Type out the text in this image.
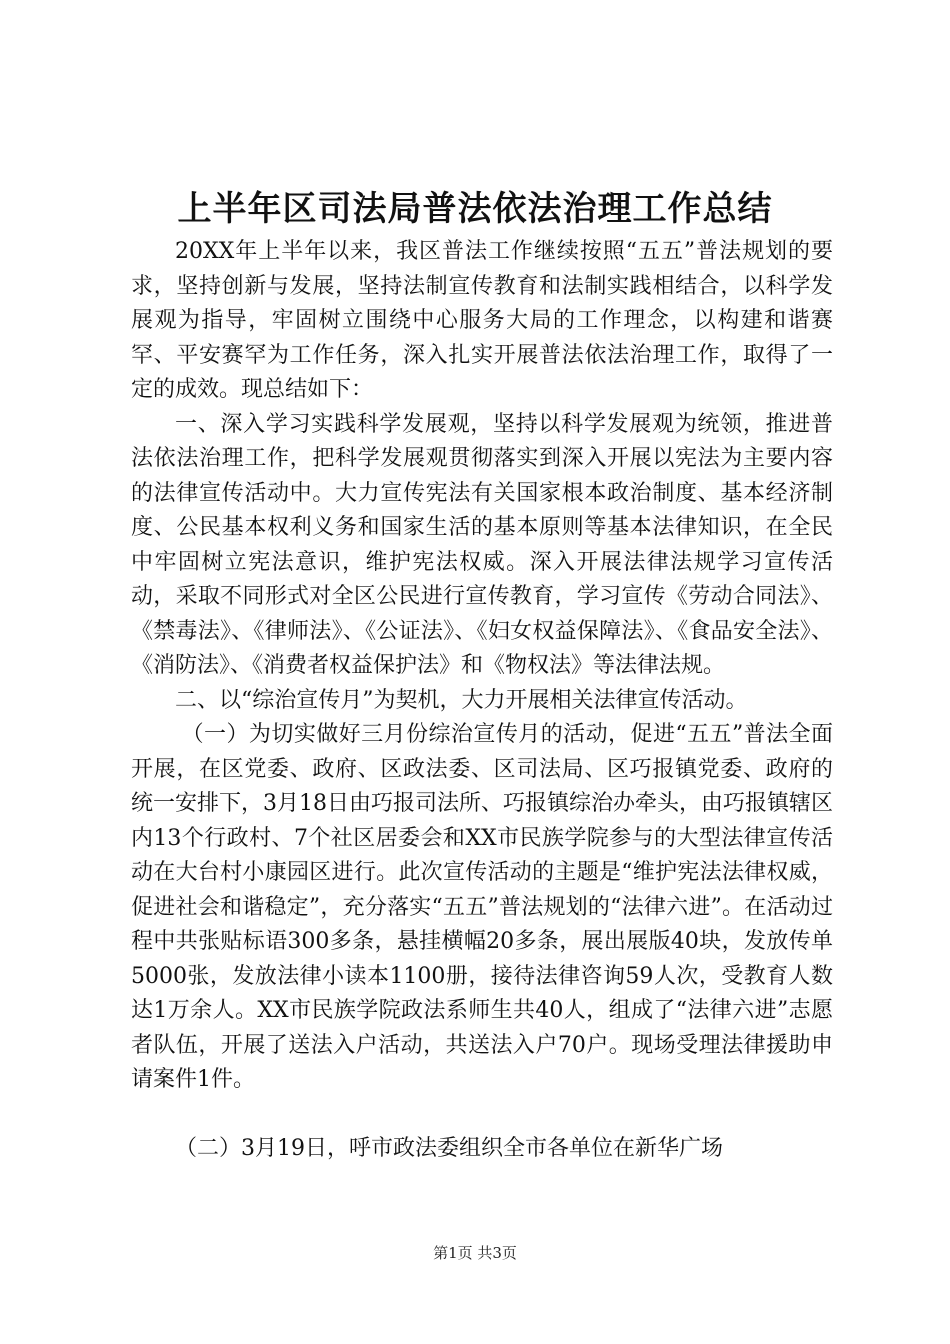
上半年区司法局普法依法治理工作总结

20XX年上半年以来，我区普法工作继续按照“五五”普法规划的要求，坚持创新与发展，坚持法制宣传教育和法制实践相结合，以科学发展观为指导，牢固树立围绕中心服务大局的工作理念，以构建和谐赛罕、平安赛罕为工作任务，深入扎实开展普法依法治理工作，取得了一定的成效。现总结如下：

一、深入学习实践科学发展观，坚持以科学发展观为统领，推进普法依法治理工作，把科学发展观贯彻落实到深入开展以宪法为主要内容的法律宣传活动中。大力宣传宪法有关国家根本政治制度、基本经济制度、公民基本权利义务和国家生活的基本原则等基本法律知识，在全民中牢固树立宪法意识，维护宪法权威。深入开展法律法规学习宣传活动，采取不同形式对全区公民进行宣传教育，学习宣传《劳动合同法》、《禁毒法》、《律师法》、《公证法》、《妇女权益保障法》、《食品安全法》、《消防法》、《消费者权益保护法》和《物权法》等法律法规。

二、以“综治宣传月”为契机，大力开展相关法律宣传活动。

（一）为切实做好三月份综治宣传月的活动，促进“五五”普法全面开展，在区党委、政府、区政法委、区司法局、区巧报镇党委、政府的统一安排下，3月18日由巧报司法所、巧报镇综治办牵头，由巧报镇辖区内13个行政村、7个社区居委会和XX市民族学院参与的大型法律宣传活动在大台村小康园区进行。此次宣传活动的主题是“维护宪法法律权威，促进社会和谐稳定”，充分落实“五五”普法规划的“法律六进”。在活动过程中共张贴标语300多条，悬挂横幅20多条，展出展版40块，发放传单5000张，发放法律小读本1100册，接待法律咨询59人次，受教育人数达1万余人。XX市民族学院政法系师生共40人，组成了“法律六进”志愿者队伍，开展了送法入户活动，共送法入户70户。现场受理法律援助申请案件1件。

（二）3月19日，呼市政法委组织全市各单位在新华广场

第1页 共3页
